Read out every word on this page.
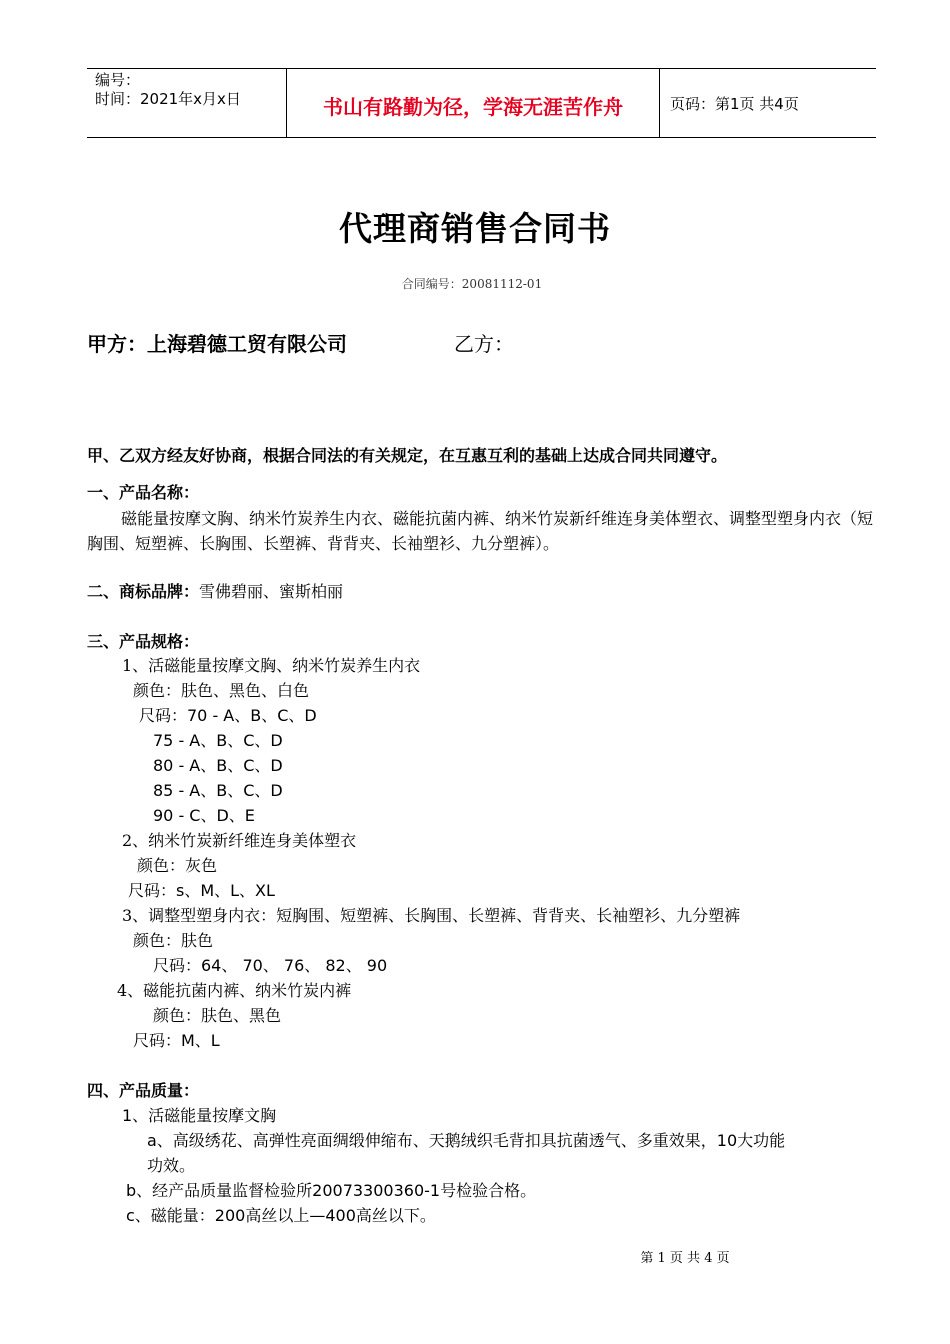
编号：
时间：2021年x月x日	书山有路勤为径，学海无涯苦作舟	页码：第1页 共4页
代理商销售合同书
合同编号：20081112-01
甲方：上海碧德工贸有限公司	乙方：
甲、乙双方经友好协商，根据合同法的有关规定，在互惠互利的基础上达成合同共同遵守。
一、产品名称：
磁能量按摩文胸、纳米竹炭养生内衣、磁能抗菌内裤、纳米竹炭新纤维连身美体塑衣、调整型塑身内衣（短胸围、短塑裤、长胸围、长塑裤、背背夹、长袖塑衫、九分塑裤）。
二、商标品牌：雪佛碧丽、蜜斯柏丽
三、产品规格：
1、活磁能量按摩文胸、纳米竹炭养生内衣
颜色：肤色、黑色、白色
尺码：70 - A、B、C、D
75 - A、B、C、D
80 - A、B、C、D
85 - A、B、C、D
90 - C、D、E
2、纳米竹炭新纤维连身美体塑衣
颜色：灰色
尺码：s、M、L、XL
3、调整型塑身内衣：短胸围、短塑裤、长胸围、长塑裤、背背夹、长袖塑衫、九分塑裤
颜色：肤色
尺码：64、 70、 76、 82、 90
4、磁能抗菌内裤、纳米竹炭内裤
颜色：肤色、黑色
尺码：M、L
四、产品质量：
1、活磁能量按摩文胸
a、高级绣花、高弹性亮面绸缎伸缩布、天鹅绒织毛背扣具抗菌透气、多重效果，10大功能
功效。
b、经产品质量监督检验所20073300360-1号检验合格。
c、磁能量：200高丝以上—400高丝以下。
第 1 页 共 4 页
